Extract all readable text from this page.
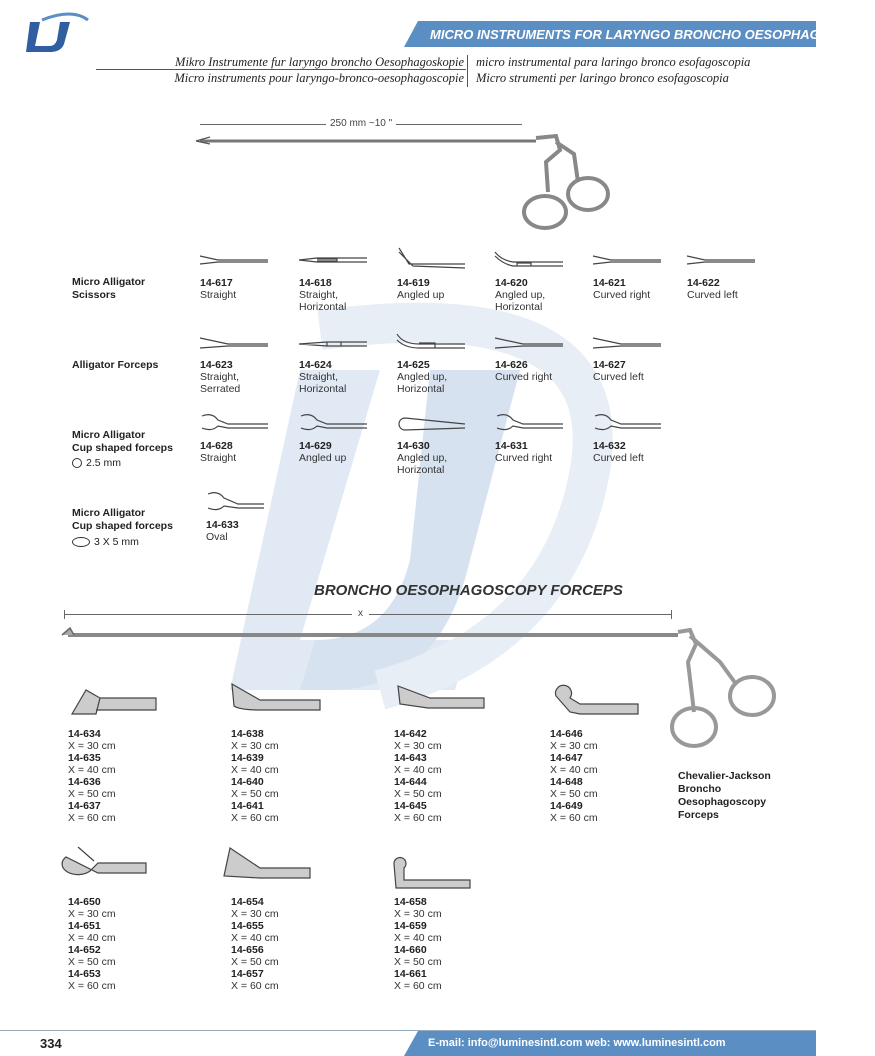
LJ
MICRO INSTRUMENTS FOR LARYNGO BRONCHO OESOPHAGOSCOPY
Mikro Instrumente fur laryngo broncho Oesophagoskopie
Micro instruments pour laryngo-bronco-oesophagoscopie
micro instrumental para laringo bronco esofagoscopia
Micro strumenti per laringo bronco esofagoscopia
250 mm ~10 "
Micro Alligator
Scissors
Alligator Forceps
Micro Alligator
Cup shaped forceps
2.5 mm
Micro Alligator
Cup shaped forceps
3 X 5 mm
14-617
Straight
14-618
Straight,
Horizontal
14-619
Angled up
14-620
Angled up,
Horizontal
14-621
Curved right
14-622
Curved left
14-623
Straight,
Serrated
14-624
Straight,
Horizontal
14-625
Angled up,
Horizontal
14-626
Curved right
14-627
Curved left
14-628
Straight
14-629
Angled up
14-630
Angled up,
Horizontal
14-631
Curved right
14-632
Curved left
14-633
Oval
BRONCHO OESOPHAGOSCOPY FORCEPS
x
Chevalier-Jackson
Broncho
Oesophagoscopy
Forceps
14-634
X = 30 cm
14-635
X = 40 cm
14-636
X = 50 cm
14-637
X = 60 cm
14-638
X = 30 cm
14-639
X = 40 cm
14-640
X = 50 cm
14-641
X = 60 cm
14-642
X = 30 cm
14-643
X = 40 cm
14-644
X = 50 cm
14-645
X = 60 cm
14-646
X = 30 cm
14-647
X = 40 cm
14-648
X = 50 cm
14-649
X = 60 cm
14-650
X = 30 cm
14-651
X = 40 cm
14-652
X = 50 cm
14-653
X = 60 cm
14-654
X = 30 cm
14-655
X = 40 cm
14-656
X = 50 cm
14-657
X = 60 cm
14-658
X = 30 cm
14-659
X = 40 cm
14-660
X = 50 cm
14-661
X = 60 cm
334	E-mail: info@luminesintl.com web: www.luminesintl.com
